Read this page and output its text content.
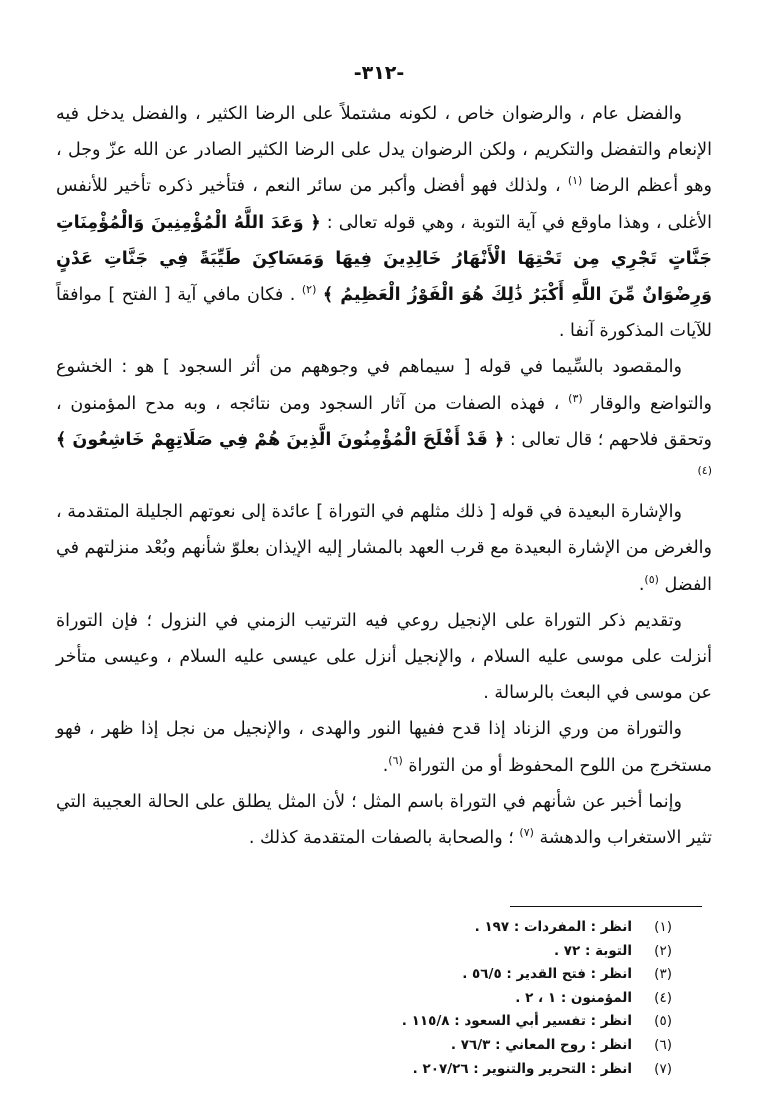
-٣١٢-

والفضل عام ، والرضوان خاص ، لكونه مشتملاً على الرضا الكثير ، والفضل يدخل فيه الإنعام والتفضل والتكريم ، ولكن الرضوان يدل على الرضا الكثير الصادر عن الله عزّ وجل ، وهو أعظم الرضا $^{(١)}$ ، ولذلك فهو أفضل وأكبر من سائر النعم ، فتأخير ذكره تأخير للأنفس الأغلى ، وهذا ماوقع في آية التوبة ، وهي قوله تعالى : ﴿ وَعَدَ اللَّهُ الْمُؤْمِنِينَ وَالْمُؤْمِنَاتِ جَنَّاتٍ تَجْرِي مِن تَحْتِهَا الْأَنْهَارُ خَالِدِينَ فِيهَا وَمَسَاكِنَ طَيِّبَةً فِي جَنَّاتِ عَدْنٍ وَرِضْوَانٌ مِّنَ اللَّهِ أَكْبَرُ ذَٰلِكَ هُوَ الْفَوْزُ الْعَظِيمُ ﴾ $^{(٢)}$ . فكان مافي آية [ الفتح ] موافقاً للآيات المذكورة آنفا .

والمقصود بالسِّيما في قوله [ سيماهم في وجوههم من أثر السجود ] هو : الخشوع والتواضع والوقار $^{(٣)}$ ، فهذه الصفات من آثار السجود ومن نتائجه ، وبه مدح المؤمنون ، وتحقق فلاحهم ؛ قال تعالى : ﴿ قَدْ أَفْلَحَ الْمُؤْمِنُونَ الَّذِينَ هُمْ فِي صَلَاتِهِمْ خَاشِعُونَ ﴾ $^{(٤)}$

والإشارة البعيدة في قوله [ ذلك مثلهم في التوراة ] عائدة إلى نعوتهم الجليلة المتقدمة ، والغرض من الإشارة البعيدة مع قرب العهد بالمشار إليه الإيذان بعلوّ شأنهم وبُعْد منزلتهم في الفضل $^{(٥)}$.

وتقديم ذكر التوراة على الإنجيل روعي فيه الترتيب الزمني في النزول ؛ فإن التوراة أنزلت على موسى عليه السلام ، والإنجيل أنزل على عيسى عليه السلام ، وعيسى متأخر عن موسى في البعث بالرسالة .

والتوراة من وري الزناد إذا قدح ففيها النور والهدى ، والإنجيل من نجل إذا ظهر ، فهو مستخرج من اللوح المحفوظ أو من التوراة $^{(٦)}$.

وإنما أخبر عن شأنهم في التوراة باسم المثل ؛ لأن المثل يطلق على الحالة العجيبة التي تثير الاستغراب والدهشة $^{(٧)}$ ؛ والصحابة بالصفات المتقدمة كذلك .

(١)
انظر : المفردات : ١٩٧ .
(٢)
التوبة : ٧٢ .
(٣)
انظر : فتح القدير : ٥٦/٥ .
(٤)
المؤمنون : ١ ، ٢ .
(٥)
انظر : تفسير أبي السعود : ١١٥/٨ .
(٦)
انظر : روح المعاني : ٧٦/٣ .
(٧)
انظر : التحرير والتنوير : ٢٠٧/٢٦ .
